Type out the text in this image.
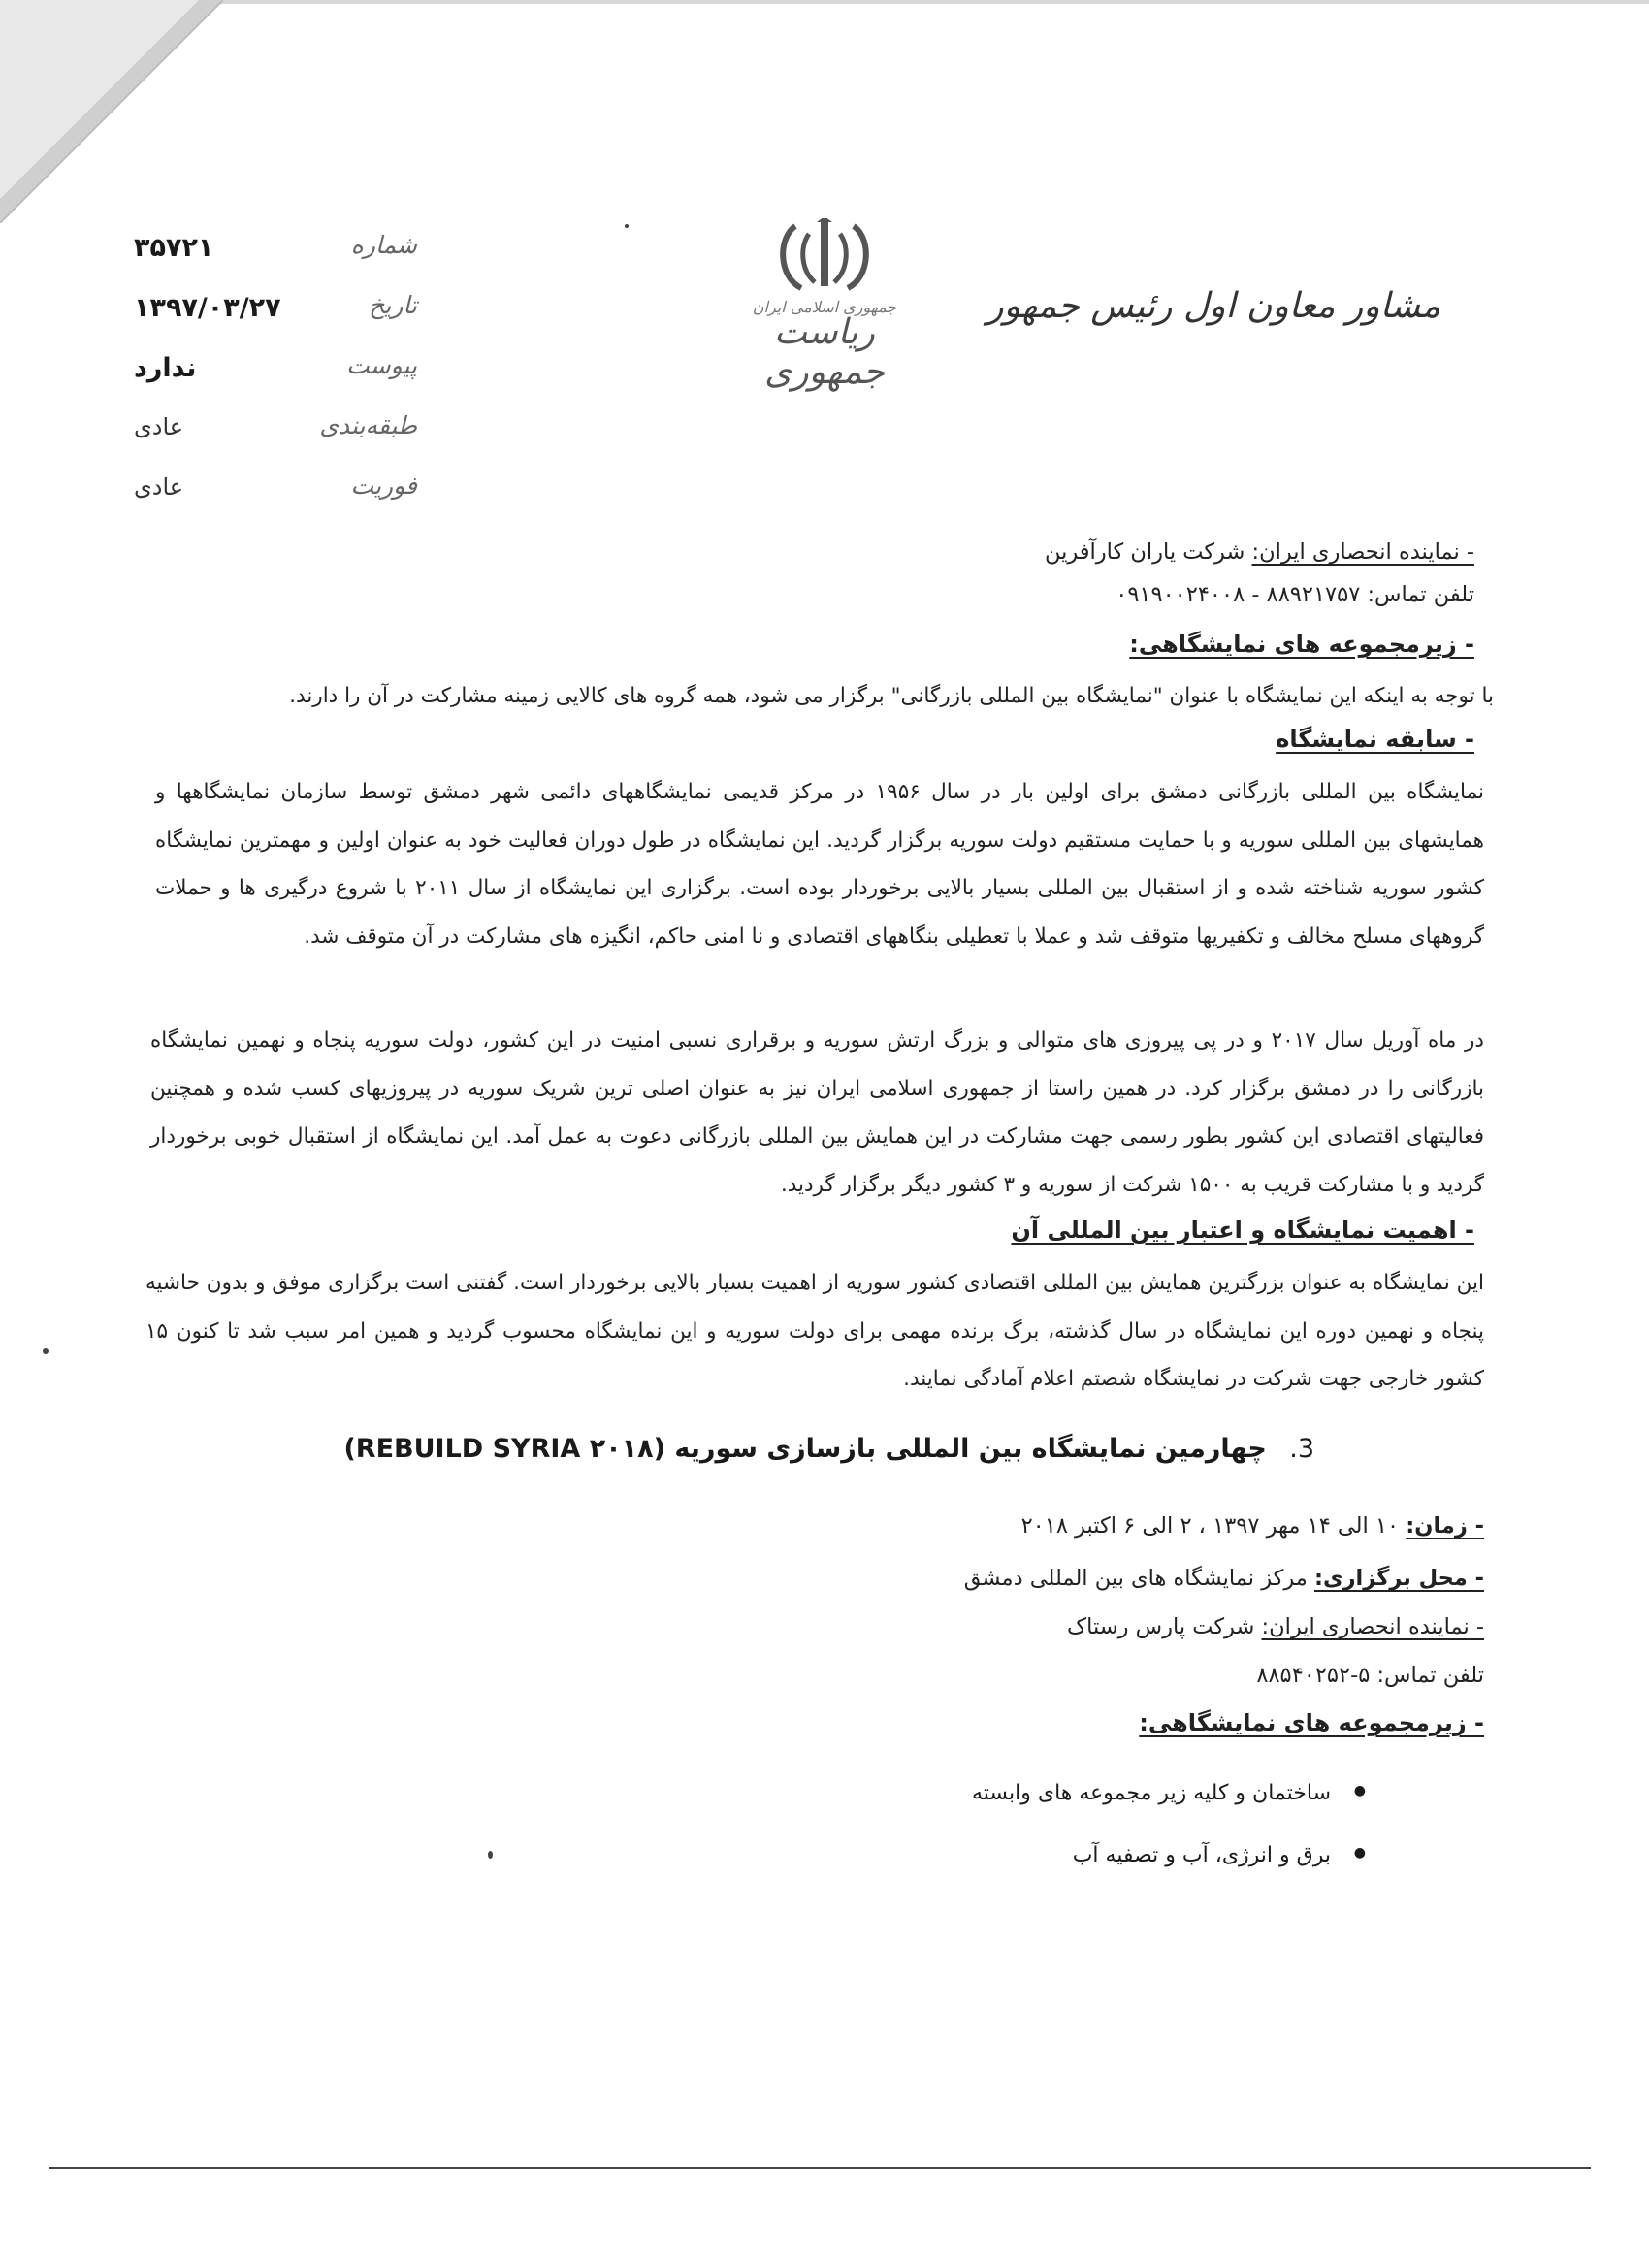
۳۵۷۲۱	شماره
۱۳۹۷/۰۳/۲۷	تاریخ
ندارد	پیوست
عادی	طبقه‌بندی
عادی	فوریت
جمهوری اسلامی ایران
ریاست جمهوری
مشاور معاون اول رئیس جمهور
- نماینده انحصاری ایران: شرکت یاران کارآفرین
تلفن تماس: ۸۸۹۲۱۷۵۷ - ۰۹۱۹۰۰۲۴۰۰۸
- زیرمجموعه های نمایشگاهی:
با توجه به اینکه این نمایشگاه با عنوان "نمایشگاه بین المللی بازرگانی" برگزار می شود، همه گروه های کالایی زمینه مشارکت در آن را دارند.
- سابقه نمایشگاه
نمایشگاه بین المللی بازرگانی دمشق برای اولین بار در سال ۱۹۵۶ در مرکز قدیمی نمایشگاههای دائمی شهر دمشق توسط سازمان نمایشگاهها و همایشهای بین المللی سوریه و با حمایت مستقیم دولت سوریه برگزار گردید. این نمایشگاه در طول دوران فعالیت خود به عنوان اولین و مهمترین نمایشگاه کشور سوریه شناخته شده و از استقبال بین المللی بسیار بالایی برخوردار بوده است. برگزاری این نمایشگاه از سال ۲۰۱۱ با شروع درگیری ها و حملات گروههای مسلح مخالف و تکفیریها متوقف شد و عملا با تعطیلی بنگاههای اقتصادی و نا امنی حاکم، انگیزه های مشارکت در آن متوقف شد.
در ماه آوریل سال ۲۰۱۷ و در پی پیروزی های متوالی و بزرگ ارتش سوریه و برقراری نسبی امنیت در این کشور، دولت سوریه پنجاه و نهمین نمایشگاه بازرگانی را در دمشق برگزار کرد. در همین راستا از جمهوری اسلامی ایران نیز به عنوان اصلی ترین شریک سوریه در پیروزیهای کسب شده و همچنین فعالیتهای اقتصادی این کشور بطور رسمی جهت مشارکت در این همایش بین المللی بازرگانی دعوت به عمل آمد. این نمایشگاه از استقبال خوبی برخوردار گردید و با مشارکت قریب به ۱۵۰۰ شرکت از سوریه و ۳ کشور دیگر برگزار گردید.
- اهمیت نمایشگاه و اعتبار بین المللی آن
این نمایشگاه به عنوان بزرگترین همایش بین المللی اقتصادی کشور سوریه از اهمیت بسیار بالایی برخوردار است. گفتنی است برگزاری موفق و بدون حاشیه پنجاه و نهمین دوره این نمایشگاه در سال گذشته، برگ برنده مهمی برای دولت سوریه و این نمایشگاه محسوب گردید و همین امر سبب شد تا کنون ۱۵ کشور خارجی جهت شرکت در نمایشگاه شصتم اعلام آمادگی نمایند.
3. چهارمین نمایشگاه بین المللی بازسازی سوریه (REBUILD SYRIA ۲۰۱۸)
- زمان: ۱۰ الی ۱۴ مهر ۱۳۹۷ ، ۲ الی ۶ اکتبر ۲۰۱۸
- محل برگزاری: مرکز نمایشگاه های بین المللی دمشق
- نماینده انحصاری ایران: شرکت پارس رستاک
تلفن تماس: ۵-۸۸۵۴۰۲۵۲
- زیرمجموعه های نمایشگاهی:
● ساختمان و کلیه زیر مجموعه های وابسته
● برق و انرژی، آب و تصفیه آب
